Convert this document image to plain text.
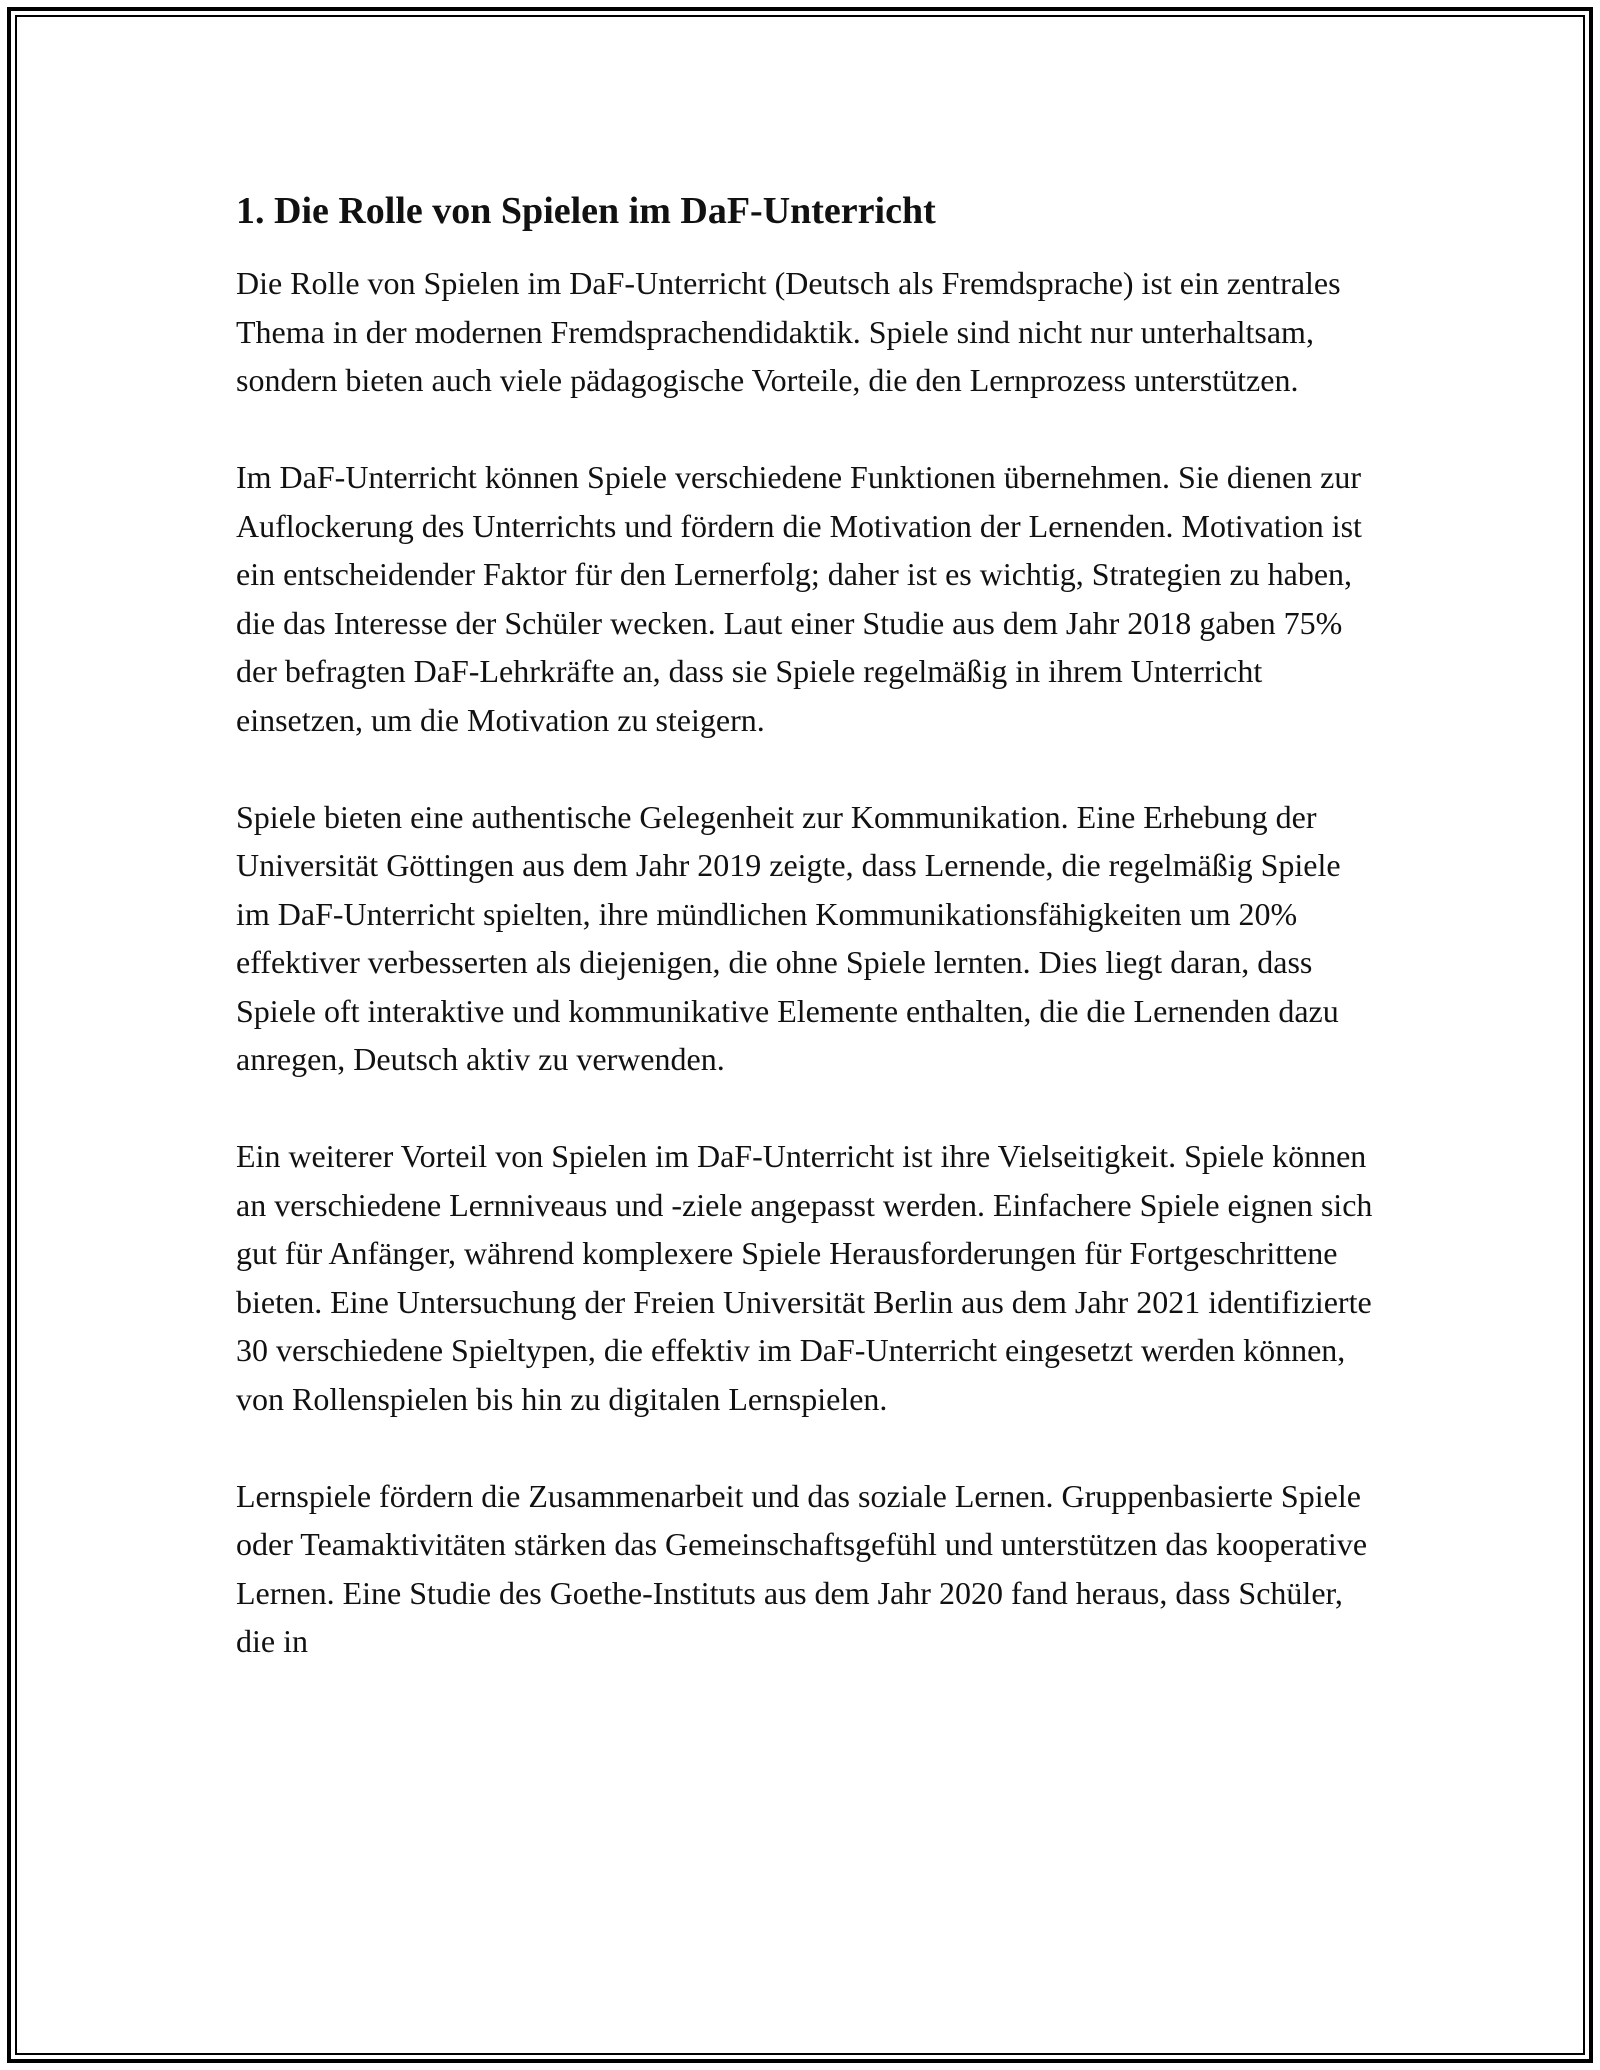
1. Die Rolle von Spielen im DaF-Unterricht

Die Rolle von Spielen im DaF-Unterricht (Deutsch als Fremdsprache) ist ein zentrales Thema in der modernen Fremdsprachendidaktik. Spiele sind nicht nur unterhaltsam, sondern bieten auch viele pädagogische Vorteile, die den Lernprozess unterstützen.

Im DaF-Unterricht können Spiele verschiedene Funktionen übernehmen. Sie dienen zur Auflockerung des Unterrichts und fördern die Motivation der Lernenden. Motivation ist ein entscheidender Faktor für den Lernerfolg; daher ist es wichtig, Strategien zu haben, die das Interesse der Schüler wecken. Laut einer Studie aus dem Jahr 2018 gaben 75% der befragten DaF-Lehrkräfte an, dass sie Spiele regelmäßig in ihrem Unterricht einsetzen, um die Motivation zu steigern.

Spiele bieten eine authentische Gelegenheit zur Kommunikation. Eine Erhebung der Universität Göttingen aus dem Jahr 2019 zeigte, dass Lernende, die regelmäßig Spiele im DaF-Unterricht spielten, ihre mündlichen Kommunikationsfähigkeiten um 20% effektiver verbesserten als diejenigen, die ohne Spiele lernten. Dies liegt daran, dass Spiele oft interaktive und kommunikative Elemente enthalten, die die Lernenden dazu anregen, Deutsch aktiv zu verwenden.

Ein weiterer Vorteil von Spielen im DaF-Unterricht ist ihre Vielseitigkeit. Spiele können an verschiedene Lernniveaus und -ziele angepasst werden. Einfachere Spiele eignen sich gut für Anfänger, während komplexere Spiele Herausforderungen für Fortgeschrittene bieten. Eine Untersuchung der Freien Universität Berlin aus dem Jahr 2021 identifizierte 30 verschiedene Spieltypen, die effektiv im DaF-Unterricht eingesetzt werden können, von Rollenspielen bis hin zu digitalen Lernspielen.

Lernspiele fördern die Zusammenarbeit und das soziale Lernen. Gruppenbasierte Spiele oder Teamaktivitäten stärken das Gemeinschaftsgefühl und unterstützen das kooperative Lernen. Eine Studie des Goethe-Instituts aus dem Jahr 2020 fand heraus, dass Schüler, die in
